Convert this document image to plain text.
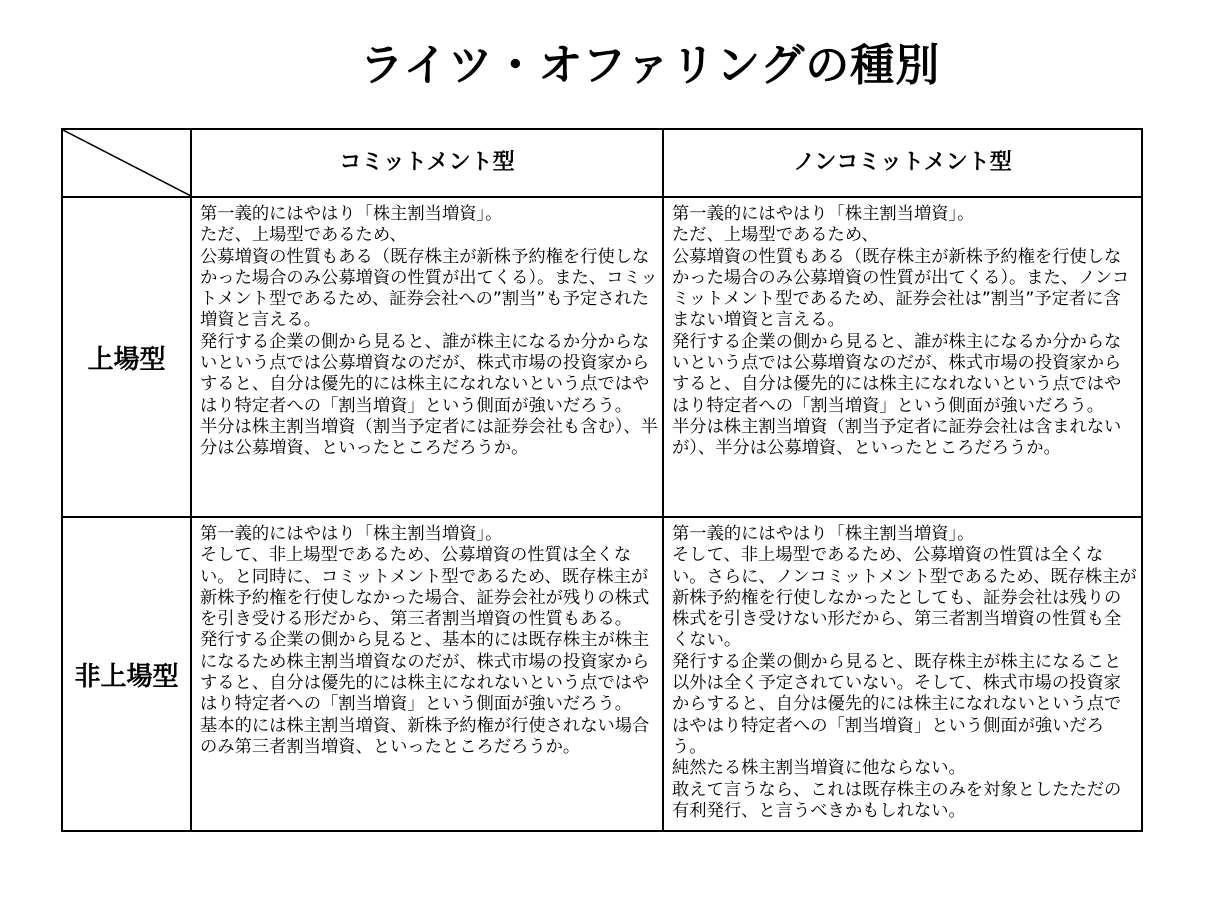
ライツ・オファリングの種別
コミットメント型	ノンコミットメント型
上場型
非上場型
第一義的にはやはり「株主割当増資」。
ただ、上場型であるため、
公募増資の性質もある（既存株主が新株予約権を行使しなかった場合のみ公募増資の性質が出てくる）。また、コミットメント型であるため、証券会社への”割当”も予定された増資と言える。
発行する企業の側から見ると、誰が株主になるか分からないという点では公募増資なのだが、株式市場の投資家からすると、自分は優先的には株主になれないという点ではやはり特定者への「割当増資」という側面が強いだろう。
半分は株主割当増資（割当予定者には証券会社も含む）、半分は公募増資、といったところだろうか。
第一義的にはやはり「株主割当増資」。
ただ、上場型であるため、
公募増資の性質もある（既存株主が新株予約権を行使しなかった場合のみ公募増資の性質が出てくる）。また、ノンコミットメント型であるため、証券会社は”割当”予定者に含まない増資と言える。
発行する企業の側から見ると、誰が株主になるか分からないという点では公募増資なのだが、株式市場の投資家からすると、自分は優先的には株主になれないという点ではやはり特定者への「割当増資」という側面が強いだろう。
半分は株主割当増資（割当予定者に証券会社は含まれないが）、半分は公募増資、といったところだろうか。
第一義的にはやはり「株主割当増資」。
そして、非上場型であるため、公募増資の性質は全くない。と同時に、コミットメント型であるため、既存株主が新株予約権を行使しなかった場合、証券会社が残りの株式を引き受ける形だから、第三者割当増資の性質もある。
発行する企業の側から見ると、基本的には既存株主が株主になるため株主割当増資なのだが、株式市場の投資家からすると、自分は優先的には株主になれないという点ではやはり特定者への「割当増資」という側面が強いだろう。
基本的には株主割当増資、新株予約権が行使されない場合のみ第三者割当増資、といったところだろうか。
第一義的にはやはり「株主割当増資」。
そして、非上場型であるため、公募増資の性質は全くない。さらに、ノンコミットメント型であるため、既存株主が新株予約権を行使しなかったとしても、証券会社は残りの株式を引き受けない形だから、第三者割当増資の性質も全くない。
発行する企業の側から見ると、既存株主が株主になること以外は全く予定されていない。そして、株式市場の投資家からすると、自分は優先的には株主になれないという点ではやはり特定者への「割当増資」という側面が強いだろう。
純然たる株主割当増資に他ならない。
敢えて言うなら、これは既存株主のみを対象としたただの有利発行、と言うべきかもしれない。
